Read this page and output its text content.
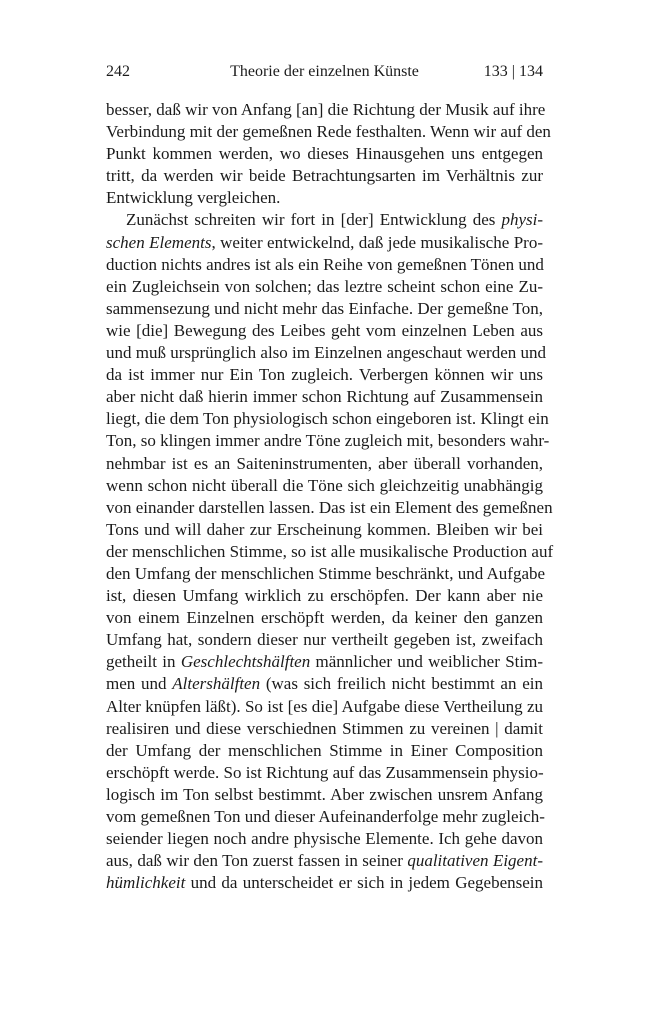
242	Theorie der einzelnen Künste	133 | 134
besser, daß wir von Anfang [an] die Richtung der Musik auf ihre
Verbindung mit der gemeßnen Rede festhalten. Wenn wir auf den
Punkt kommen werden, wo dieses Hinausgehen uns entgegen
tritt, da werden wir beide Betrachtungsarten im Verhältnis zur
Entwicklung vergleichen.
Zunächst schreiten wir fort in [der] Entwicklung des physi-
schen Elements, weiter entwickelnd, daß jede musikalische Pro-
duction nichts andres ist als ein Reihe von gemeßnen Tönen und
ein Zugleichsein von solchen; das leztre scheint schon eine Zu-
sammensezung und nicht mehr das Einfache. Der gemeßne Ton,
wie [die] Bewegung des Leibes geht vom einzelnen Leben aus
und muß ursprünglich also im Einzelnen angeschaut werden und
da ist immer nur Ein Ton zugleich. Verbergen können wir uns
aber nicht daß hierin immer schon Richtung auf Zusammensein
liegt, die dem Ton physiologisch schon eingeboren ist. Klingt ein
Ton, so klingen immer andre Töne zugleich mit, besonders wahr-
nehmbar ist es an Saiteninstrumenten, aber überall vorhanden,
wenn schon nicht überall die Töne sich gleichzeitig unabhängig
von einander darstellen lassen. Das ist ein Element des gemeßnen
Tons und will daher zur Erscheinung kommen. Bleiben wir bei
der menschlichen Stimme, so ist alle musikalische Production auf
den Umfang der menschlichen Stimme beschränkt, und Aufgabe
ist, diesen Umfang wirklich zu erschöpfen. Der kann aber nie
von einem Einzelnen erschöpft werden, da keiner den ganzen
Umfang hat, sondern dieser nur vertheilt gegeben ist, zweifach
getheilt in Geschlechtshälften männlicher und weiblicher Stim-
men und Altershälften (was sich freilich nicht bestimmt an ein
Alter knüpfen läßt). So ist [es die] Aufgabe diese Vertheilung zu
realisiren und diese verschiednen Stimmen zu vereinen | damit
der Umfang der menschlichen Stimme in Einer Composition
erschöpft werde. So ist Richtung auf das Zusammensein physio-
logisch im Ton selbst bestimmt. Aber zwischen unsrem Anfang
vom gemeßnen Ton und dieser Aufeinanderfolge mehr zugleich-
seiender liegen noch andre physische Elemente. Ich gehe davon
aus, daß wir den Ton zuerst fassen in seiner qualitativen Eigent-
hümlichkeit und da unterscheidet er sich in jedem Gegebensein
